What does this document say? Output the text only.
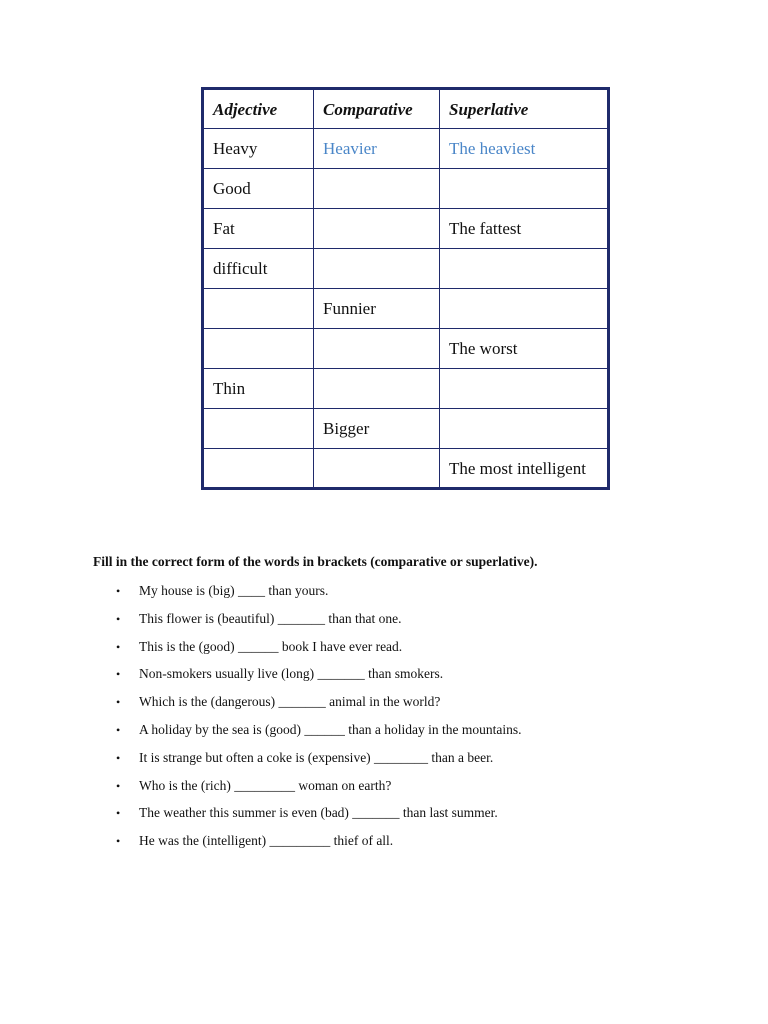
Adjective	Comparative	Superlative
Heavy	Heavier	The heaviest
Good		
Fat		The fattest
difficult		
	Funnier	
		The worst
Thin		
	Bigger	
		The most intelligent

Fill in the correct form of the words in brackets (comparative or superlative).

• My house is (big) ____ than yours.
• This flower is (beautiful) _______ than that one.
• This is the (good) ______ book I have ever read.
• Non-smokers usually live (long) _______ than smokers.
• Which is the (dangerous) _______ animal in the world?
• A holiday by the sea is (good) ______ than a holiday in the mountains.
• It is strange but often a coke is (expensive) ________ than a beer.
• Who is the (rich) _________ woman on earth?
• The weather this summer is even (bad) _______ than last summer.
• He was the (intelligent) _________ thief of all.
